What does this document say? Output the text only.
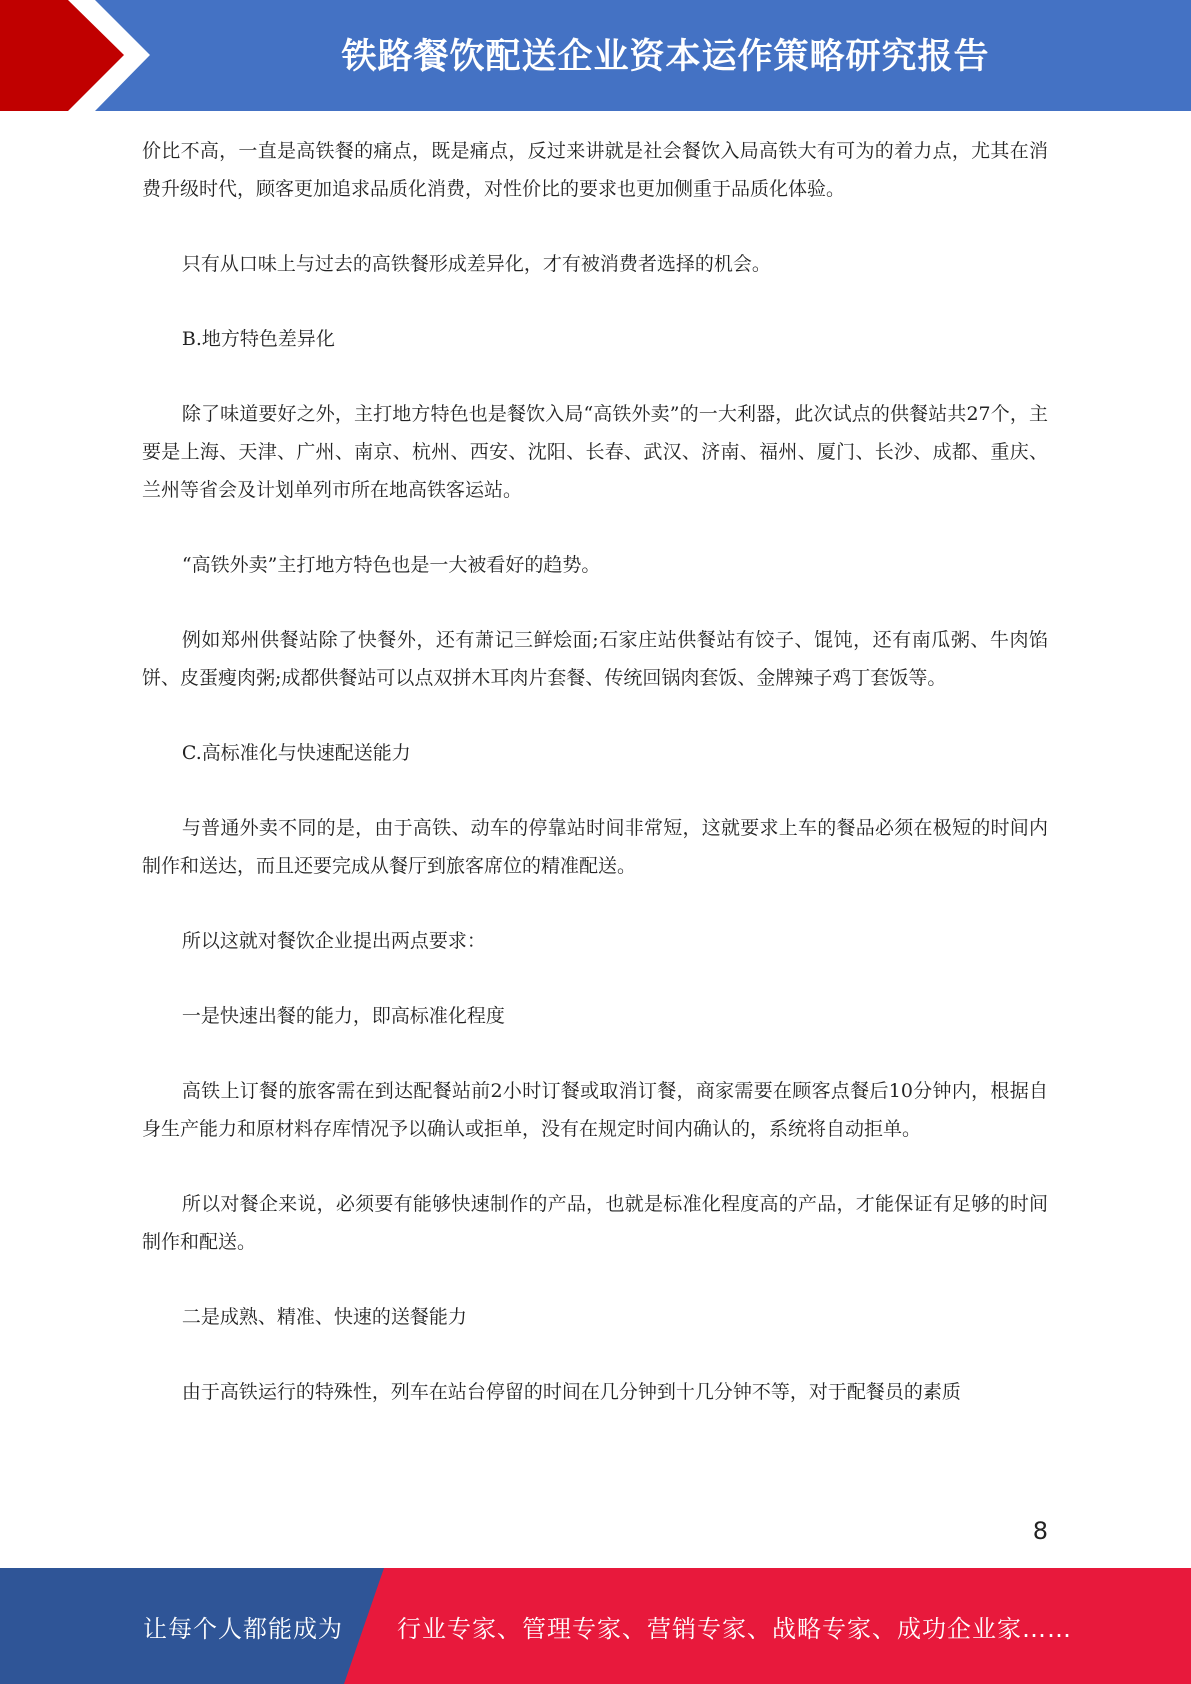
铁路餐饮配送企业资本运作策略研究报告

价比不高，一直是高铁餐的痛点，既是痛点，反过来讲就是社会餐饮入局高铁大有可为的着力点，尤其在消费升级时代，顾客更加追求品质化消费，对性价比的要求也更加侧重于品质化体验。

只有从口味上与过去的高铁餐形成差异化，才有被消费者选择的机会。

B.地方特色差异化

除了味道要好之外，主打地方特色也是餐饮入局“高铁外卖”的一大利器，此次试点的供餐站共27个，主要是上海、天津、广州、南京、杭州、西安、沈阳、长春、武汉、济南、福州、厦门、长沙、成都、重庆、兰州等省会及计划单列市所在地高铁客运站。

“高铁外卖”主打地方特色也是一大被看好的趋势。

例如郑州供餐站除了快餐外，还有萧记三鲜烩面;石家庄站供餐站有饺子、馄饨，还有南瓜粥、牛肉馅饼、皮蛋瘦肉粥;成都供餐站可以点双拼木耳肉片套餐、传统回锅肉套饭、金牌辣子鸡丁套饭等。

C.高标准化与快速配送能力

与普通外卖不同的是，由于高铁、动车的停靠站时间非常短，这就要求上车的餐品必须在极短的时间内制作和送达，而且还要完成从餐厅到旅客席位的精准配送。

所以这就对餐饮企业提出两点要求：

一是快速出餐的能力，即高标准化程度

高铁上订餐的旅客需在到达配餐站前2小时订餐或取消订餐，商家需要在顾客点餐后10分钟内，根据自身生产能力和原材料存库情况予以确认或拒单，没有在规定时间内确认的，系统将自动拒单。

所以对餐企来说，必须要有能够快速制作的产品，也就是标准化程度高的产品，才能保证有足够的时间制作和配送。

二是成熟、精准、快速的送餐能力

由于高铁运行的特殊性，列车在站台停留的时间在几分钟到十几分钟不等，对于配餐员的素质

8
让每个人都能成为 行业专家、管理专家、营销专家、战略专家、成功企业家……
